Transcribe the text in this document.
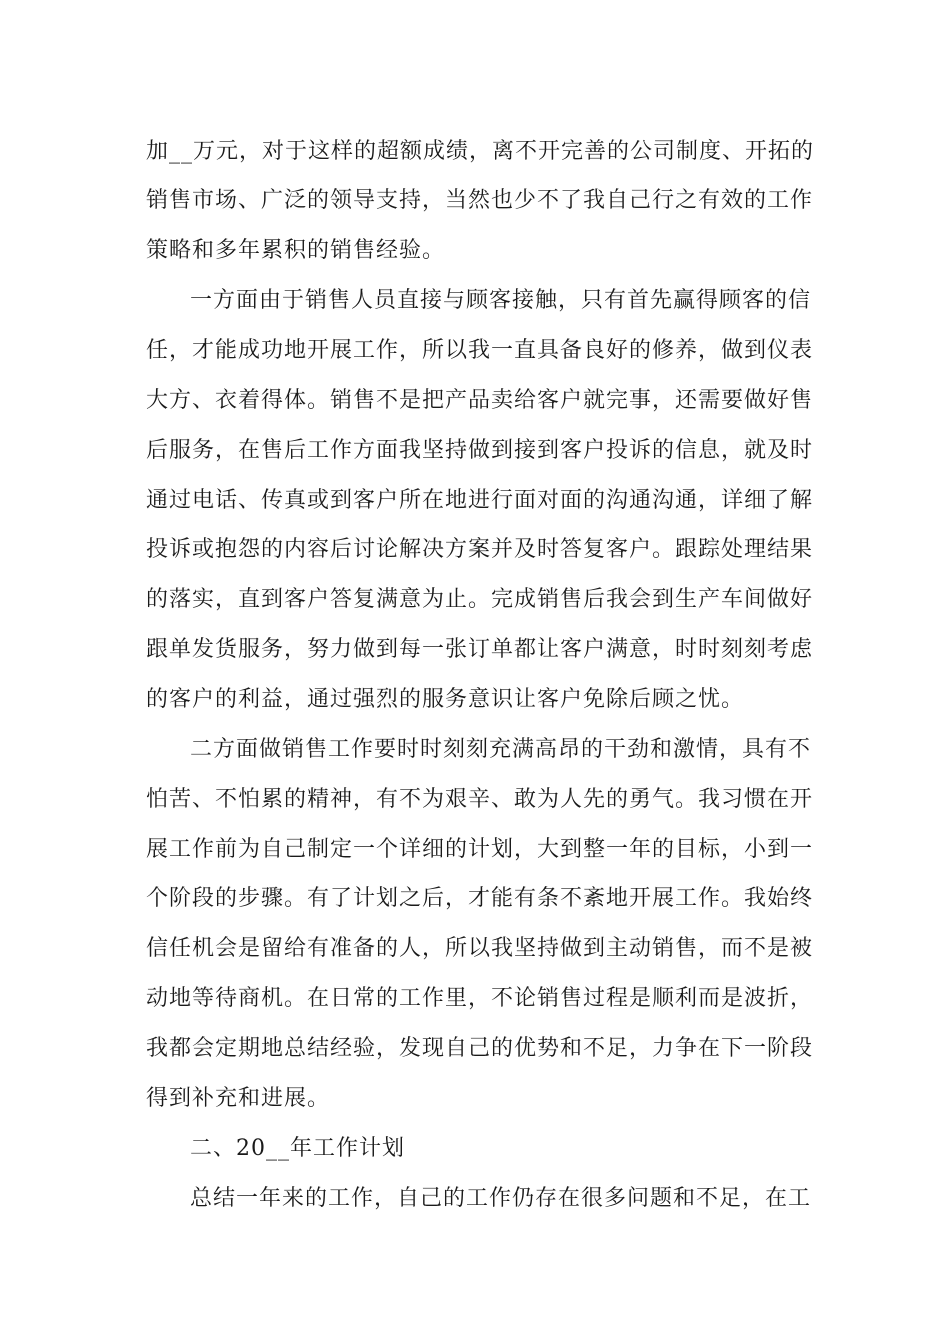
加__万元，对于这样的超额成绩，离不开完善的公司制度、开拓的
销售市场、广泛的领导支持，当然也少不了我自己行之有效的工作
策略和多年累积的销售经验。
一方面由于销售人员直接与顾客接触，只有首先赢得顾客的信
任，才能成功地开展工作，所以我一直具备良好的修养，做到仪表
大方、衣着得体。销售不是把产品卖给客户就完事，还需要做好售
后服务，在售后工作方面我坚持做到接到客户投诉的信息，就及时
通过电话、传真或到客户所在地进行面对面的沟通沟通，详细了解
投诉或抱怨的内容后讨论解决方案并及时答复客户。跟踪处理结果
的落实，直到客户答复满意为止。完成销售后我会到生产车间做好
跟单发货服务，努力做到每一张订单都让客户满意，时时刻刻考虑
的客户的利益，通过强烈的服务意识让客户免除后顾之忧。
二方面做销售工作要时时刻刻充满高昂的干劲和激情，具有不
怕苦、不怕累的精神，有不为艰辛、敢为人先的勇气。我习惯在开
展工作前为自己制定一个详细的计划，大到整一年的目标，小到一
个阶段的步骤。有了计划之后，才能有条不紊地开展工作。我始终
信任机会是留给有准备的人，所以我坚持做到主动销售，而不是被
动地等待商机。在日常的工作里，不论销售过程是顺利而是波折，
我都会定期地总结经验，发现自己的优势和不足，力争在下一阶段
得到补充和进展。
二、20__年工作计划
总结一年来的工作，自己的工作仍存在很多问题和不足，在工
